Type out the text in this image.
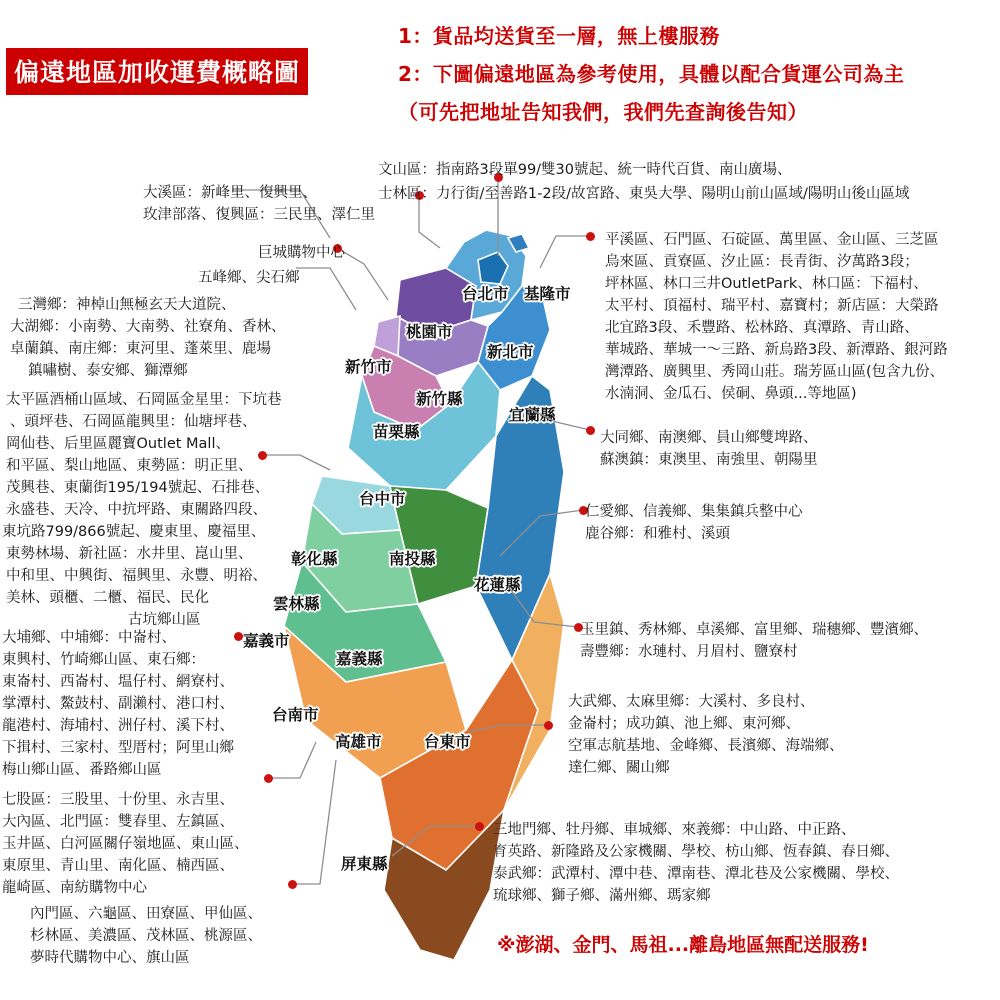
偏遠地區加收運費概略圖
1：貨品均送貨至一層，無上樓服務
2：下圖偏遠地區為參考使用，具體以配合貨運公司為主
（可先把地址告知我們，我們先查詢後告知）
台北市 基隆市
新北市
桃園市
新竹市
新竹縣
苗栗縣
宜蘭縣
台中市
彰化縣	南投縣
花蓮縣
雲林縣
嘉義市
嘉義縣
台南市
高雄市	台東市
屏東縣
大溪區：新峰里、復興里、
玫津部落、復興區：三民里、澤仁里
巨城購物中心
五峰鄉、尖石鄉
三灣鄉：神棹山無極玄天大道院、
大湖鄉：小南勢、大南勢、社寮角、香林、
卓蘭鎮、南庄鄉：東河里、蓬萊里、鹿場
鎮嘯樹、泰安鄉、獅潭鄉
太平區酒桶山區域、石岡區金星里：下坑巷
、頭坪巷、石岡區龍興里：仙塘坪巷、
岡仙巷、后里區麗寶Outlet Mall、
和平區、梨山地區、東勢區：明正里、
茂興巷、東蘭街195/194號起、石排巷、
永盛巷、天冷、中抗坪路、東關路四段、
東坑路799/866號起、慶東里、慶福里、
東勢林場、新社區：水井里、崑山里、
中和里、中興街、福興里、永豐、明裕、
美林、頭櫃、二櫃、福民、民化
古坑鄉山區
大埔鄉、中埔鄉：中崙村、
東興村、竹崎鄉山區、東石鄉：
東崙村、西崙村、塭仔村、網寮村、
掌潭村、鰲鼓村、副瀨村、港口村、
龍港村、海埔村、洲仔村、溪下村、
下揖村、三家村、型厝村；阿里山鄉
梅山鄉山區、番路鄉山區
七股區：三股里、十份里、永吉里、
大內區、北門區：雙春里、左鎮區、
玉井區、白河區關仔嶺地區、東山區、
東原里、青山里、南化區、楠西區、
龍崎區、南紡購物中心
內門區、六龜區、田寮區、甲仙區、
杉林區、美濃區、茂林區、桃源區、
夢時代購物中心、旗山區
文山區：指南路3段單99/雙30號起、統一時代百貨、南山廣場、
士林區：力行街/至善路1-2段/故宮路、東吳大學、陽明山前山區域/陽明山後山區域
平溪區、石門區、石碇區、萬里區、金山區、三芝區
烏來區、貢寮區、汐止區：長青街、汐萬路3段；
坪林區、林口三井OutletPark、林口區：下福村、
太平村、頂福村、瑞平村、嘉寶村；新店區：大榮路
北宜路3段、禾豐路、松林路、真潭路、青山路、
華城路、華城一～三路、新烏路3段、新潭路、銀河路
灣潭路、廣興里、秀岡山莊。瑞芳區山區(包含九份、
水湳洞、金瓜石、侯硐、鼻頭...等地區)
大同鄉、南澳鄉、員山鄉雙埤路、
蘇澳鎮：東澳里、南強里、朝陽里
仁愛鄉、信義鄉、集集鎮兵整中心
鹿谷鄉：和雅村、溪頭
玉里鎮、秀林鄉、卓溪鄉、富里鄉、瑞穗鄉、豐濱鄉、
壽豐鄉：水璉村、月眉村、鹽寮村
大武鄉、太麻里鄉：大溪村、多良村、
金崙村；成功鎮、池上鄉、東河鄉、
空軍志航基地、金峰鄉、長濱鄉、海端鄉、
達仁鄉、關山鄉
三地門鄉、牡丹鄉、車城鄉、來義鄉：中山路、中正路、
育英路、新隆路及公家機關、學校、枋山鄉、恆春鎮、春日鄉、
泰武鄉：武潭村、潭中巷、潭南巷、潭北巷及公家機關、學校、
琉球鄉、獅子鄉、滿州鄉、瑪家鄉
※澎湖、金門、馬祖...離島地區無配送服務!
